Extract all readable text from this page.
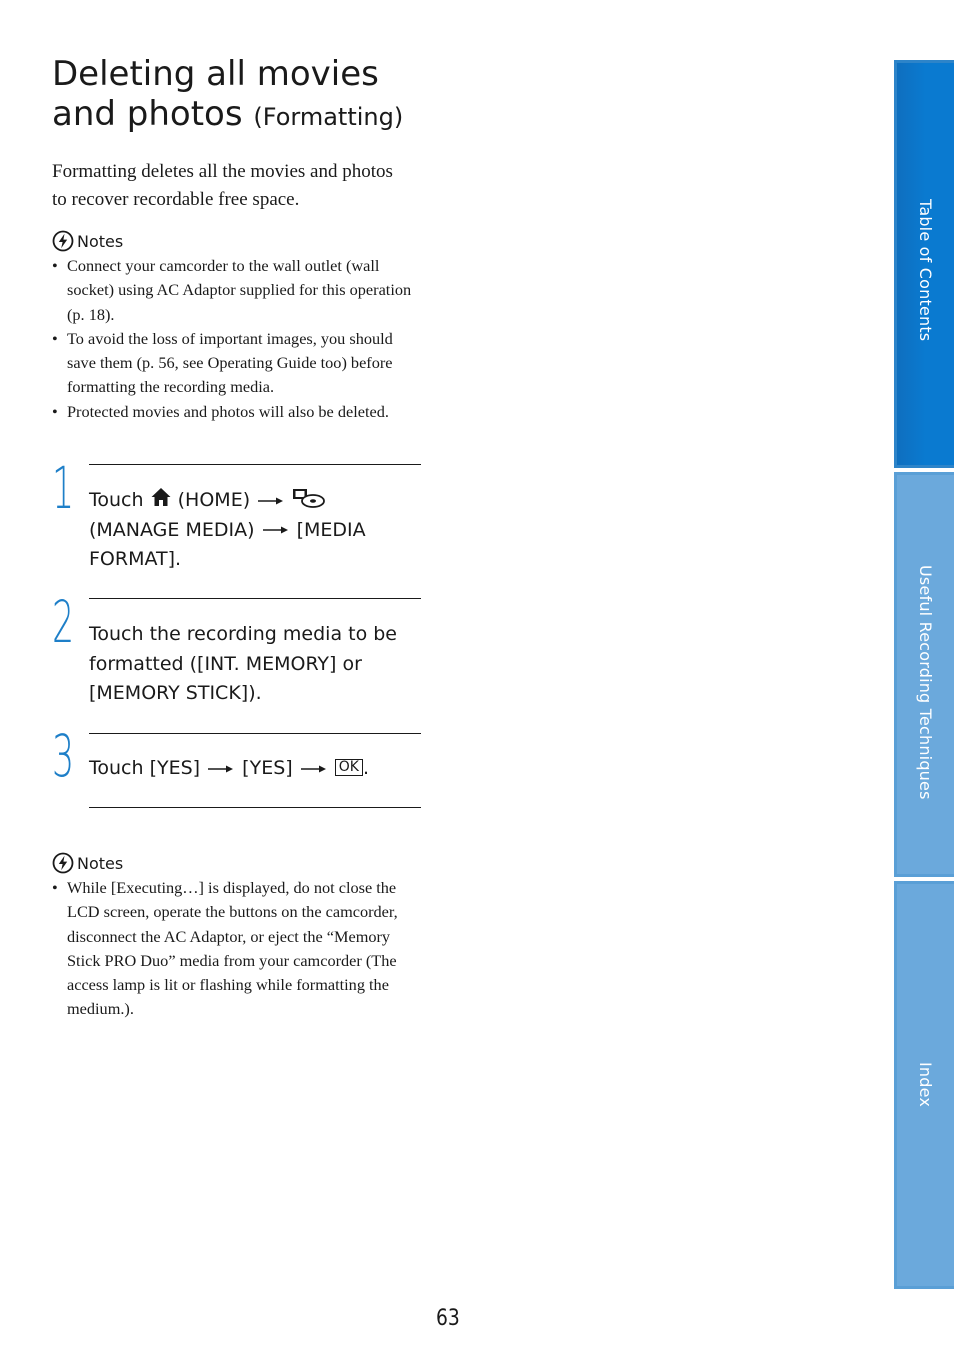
Deleting all movies
and photos (Formatting)

Formatting deletes all the movies and photos to recover recordable free space.

Notes
• Connect your camcorder to the wall outlet (wall socket) using AC Adaptor supplied for this operation (p. 18).
• To avoid the loss of important images, you should save them (p. 56, see Operating Guide too) before formatting the recording media.
• Protected movies and photos will also be deleted.
1 Touch (HOME)
(MANAGE MEDIA) [MEDIA FORMAT].

2 Touch the recording media to be formatted ([INT. MEMORY] or [MEMORY STICK]).

3 Touch [YES] [YES]	OK .

Notes
• While [Executing…] is displayed, do not close the LCD screen, operate the buttons on the camcorder, disconnect the AC Adaptor, or eject the “Memory Stick PRO Duo” media from your camcorder (The access lamp is lit or flashing while formatting the medium.).
Table of Contents
Useful Recording Techniques
Index
63
